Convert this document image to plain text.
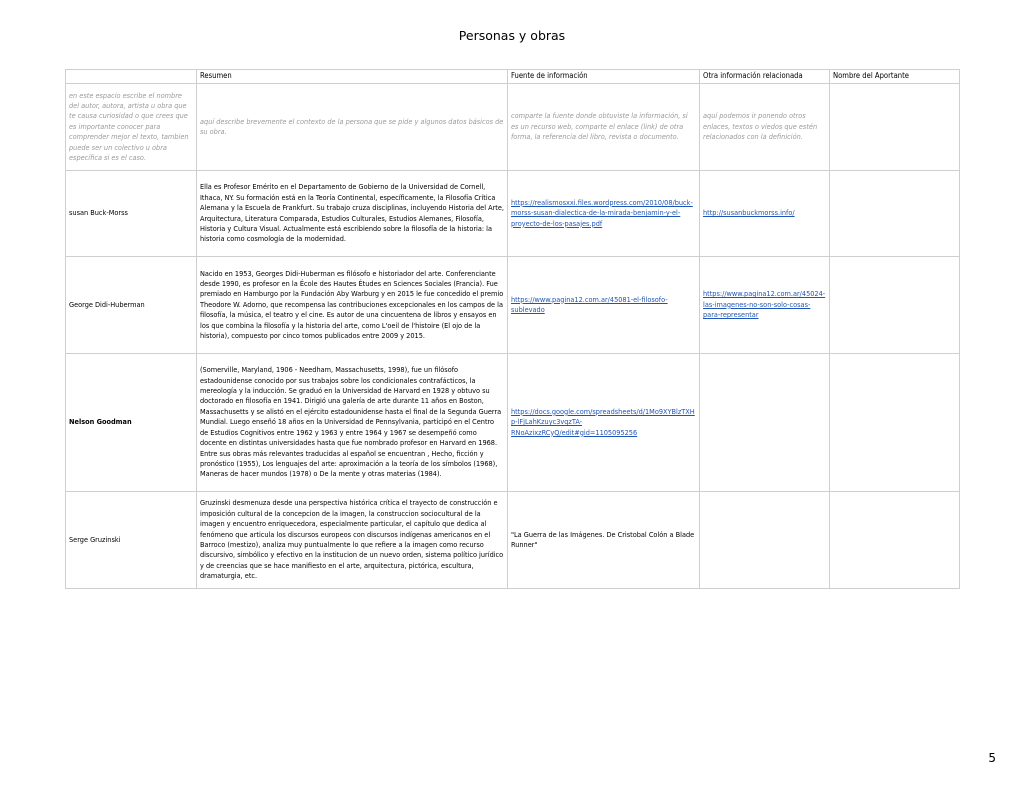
Personas y obras
	Resumen	Fuente de información	Otra información relacionada	Nombre del Aportante
en este espacio escribe el nombre del autor, autora, artista u obra que te causa curiosidad o que crees que es importante conocer para comprender mejor el texto, tambien puede ser un colectivo u obra específica si es el caso.	aquí describe brevemente el contexto de la persona que se pide y algunos datos básicos de su obra.	comparte la fuente donde obtuviste la información, si es un recurso web, comparte el enlace (link) de otra forma, la referencia del libro, revista o documento.	aquí podemos ir ponendo otros enlaces, textos o viedos que estén relacionados con la definición.	
susan Buck-Morss	Ella es Profesor Emérito en el Departamento de Gobierno de la Universidad de Cornell, Ithaca, NY. Su formación está en la Teoría Continental, específicamente, la Filosofía Crítica Alemana y la Escuela de Frankfurt. Su trabajo cruza disciplinas, incluyendo Historia del Arte, Arquitectura, Literatura Comparada, Estudios Culturales, Estudios Alemanes, Filosofía, Historia y Cultura Visual. Actualmente está escribiendo sobre la filosofía de la historia: la historia como cosmología de la modernidad.	https://realismosxxi.files.wordpress.com/2010/08/buck-morss-susan-dialectica-de-la-mirada-benjamin-y-el-proyecto-de-los-pasajes.pdf	http://susanbuckmorss.info/	
George Didi-Huberman	Nacido en 1953, Georges Didi-Huberman es filósofo e historiador del arte. Conferenciante desde 1990, es profesor en la École des Hautes Études en Sciences Sociales (Francia). Fue premiado en Hamburgo por la Fundación Aby Warburg y en 2015 le fue concedido el premio Theodore W. Adorno, que recompensa las contribuciones excepcionales en los campos de la filosofía, la música, el teatro y el cine. Es autor de una cincuentena de libros y ensayos en los que combina la filosofía y la historia del arte, como L'oeil de l'histoire (El ojo de la historia), compuesto por cinco tomos publicados entre 2009 y 2015.	https://www.pagina12.com.ar/45081-el-filosofo-sublevado	https://www.pagina12.com.ar/45024-las-imagenes-no-son-solo-cosas-para-representar	
Nelson Goodman	(Somerville, Maryland, 1906 - Needham, Massachusetts, 1998), fue un filósofo estadounidense conocido por sus trabajos sobre los condicionales contrafácticos, la mereología y la inducción. Se graduó en la Universidad de Harvard en 1928 y obtuvo su doctorado en filosofía en 1941. Dirigió una galería de arte durante 11 años en Boston, Massachusetts y se alistó en el ejército estadounidense hasta el final de la Segunda Guerra Mundial. Luego enseñó 18 años en la Universidad de Pennsylvania, participó en el Centro de Estudios Cognitivos entre 1962 y 1963 y entre 1964 y 1967 se desempeñó como docente en distintas universidades hasta que fue nombrado profesor en Harvard en 1968. Entre sus obras más relevantes traducidas al español se encuentran , Hecho, ficción y pronóstico (1955), Los lenguajes del arte: aproximación a la teoría de los símbolos (1968), Maneras de hacer mundos (1978) o De la mente y otras materias (1984).	https://docs.google.com/spreadsheets/d/1Mo9XYBlzTXHp-lFjLahKzuyc3vqzTA-RNoAzixzRCyQ/edit#gid=1105095256		
Serge Gruzinski	Gruzinski desmenuza desde una perspectiva histórica crítica el trayecto de construcción e imposición cultural de la concepcion de la imagen, la construccion sociocultural de la imagen y encuentro enriquecedora, especialmente particular, el capítulo que dedica al fenómeno que articula los discursos europeos con discursos indígenas americanos en el Barroco (mestizo), analiza muy puntualmente lo que refiere a la imagen como recurso discursivo, simbólico y efectivo en la institucion de un nuevo orden, sistema político jurídico y de creencias que se hace manifiesto en el arte, arquitectura, pictórica, escultura, dramaturgia, etc.	"La Guerra de las Imágenes. De Cristobal Colón a Blade Runner"		
5
